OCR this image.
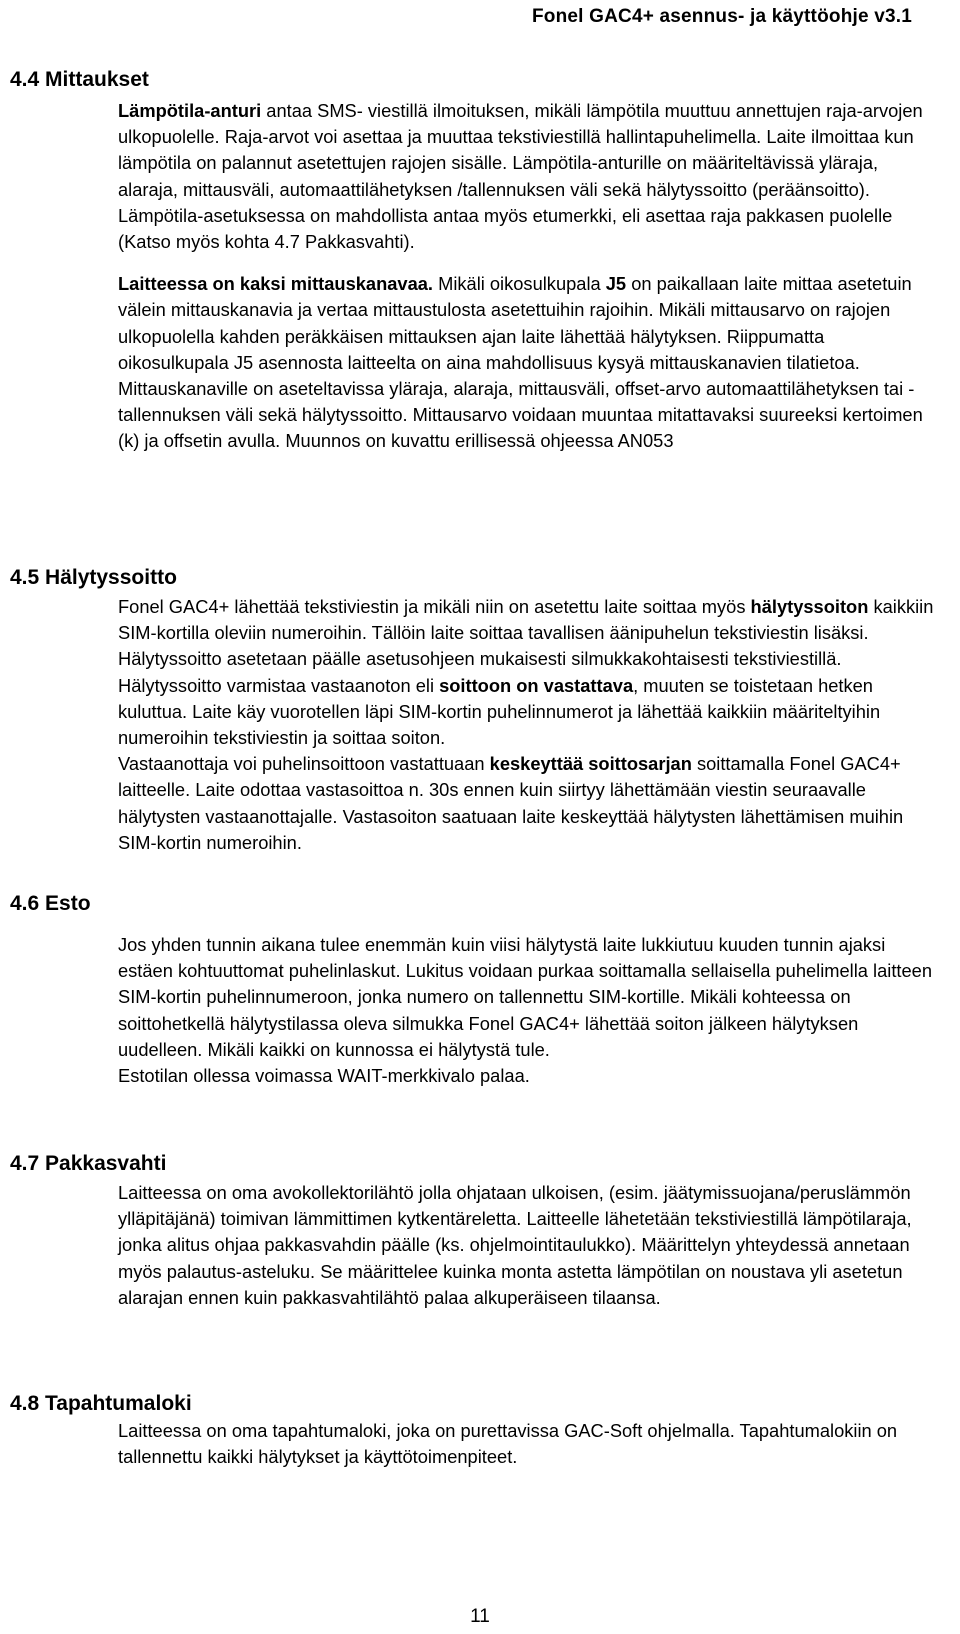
Fonel GAC4+ asennus- ja käyttöohje v3.1
4.4 Mittaukset

Lämpötila-anturi antaa SMS- viestillä ilmoituksen, mikäli lämpötila muuttuu annettujen raja-arvojen ulkopuolelle. Raja-arvot voi asettaa ja muuttaa tekstiviestillä hallintapuhelimella. Laite ilmoittaa kun lämpötila on palannut asetettujen rajojen sisälle. Lämpötila-anturille on määriteltävissä yläraja, alaraja, mittausväli, automaattilähetyksen /tallennuksen väli sekä hälytyssoitto (peräänsoitto). Lämpötila-asetuksessa on mahdollista antaa myös etumerkki, eli asettaa raja pakkasen puolelle (Katso myös kohta 4.7 Pakkasvahti).

Laitteessa on kaksi mittauskanavaa. Mikäli oikosulkupala J5 on paikallaan laite mittaa asetetuin välein mittauskanavia ja vertaa mittaustulosta asetettuihin rajoihin. Mikäli mittausarvo on rajojen ulkopuolella kahden peräkkäisen mittauksen ajan laite lähettää hälytyksen. Riippumatta oikosulkupala J5 asennosta laitteelta on aina mahdollisuus kysyä mittauskanavien tilatietoa. Mittauskanaville on aseteltavissa yläraja, alaraja, mittausväli, offset-arvo automaattilähetyksen tai -tallennuksen väli sekä hälytyssoitto. Mittausarvo voidaan muuntaa mitattavaksi suureeksi kertoimen (k) ja offsetin avulla. Muunnos on kuvattu erillisessä ohjeessa AN053

4.5 Hälytyssoitto

Fonel GAC4+ lähettää tekstiviestin ja mikäli niin on asetettu laite soittaa myös hälytyssoiton kaikkiin SIM-kortilla oleviin numeroihin. Tällöin laite soittaa tavallisen äänipuhelun tekstiviestin lisäksi. Hälytyssoitto asetetaan päälle asetusohjeen mukaisesti silmukkakohtaisesti tekstiviestillä. Hälytyssoitto varmistaa vastaanoton eli soittoon on vastattava, muuten se toistetaan hetken kuluttua. Laite käy vuorotellen läpi SIM-kortin puhelinnumerot ja lähettää kaikkiin määriteltyihin numeroihin tekstiviestin ja soittaa soiton.

Vastaanottaja voi puhelinsoittoon vastattuaan keskeyttää soittosarjan soittamalla Fonel GAC4+ laitteelle. Laite odottaa vastasoittoa n. 30s ennen kuin siirtyy lähettämään viestin seuraavalle hälytysten vastaanottajalle. Vastasoiton saatuaan laite keskeyttää hälytysten lähettämisen muihin SIM-kortin numeroihin.

4.6 Esto

Jos yhden tunnin aikana tulee enemmän kuin viisi hälytystä laite lukkiutuu kuuden tunnin ajaksi estäen kohtuuttomat puhelinlaskut. Lukitus voidaan purkaa soittamalla sellaisella puhelimella laitteen SIM-kortin puhelinnumeroon, jonka numero on tallennettu SIM-kortille. Mikäli kohteessa on soittohetkellä hälytystilassa oleva silmukka Fonel GAC4+ lähettää soiton jälkeen hälytyksen uudelleen. Mikäli kaikki on kunnossa ei hälytystä tule.

Estotilan ollessa voimassa WAIT-merkkivalo palaa.

4.7 Pakkasvahti

Laitteessa on oma avokollektorilähtö jolla ohjataan ulkoisen, (esim. jäätymissuojana/peruslämmön ylläpitäjänä) toimivan lämmittimen kytkentäreletta. Laitteelle lähetetään tekstiviestillä lämpötilaraja, jonka alitus ohjaa pakkasvahdin päälle (ks. ohjelmointitaulukko). Määrittelyn yhteydessä annetaan myös palautus-asteluku. Se määrittelee kuinka monta astetta lämpötilan on noustava yli asetetun alarajan ennen kuin pakkasvahtilähtö palaa alkuperäiseen tilaansa.

4.8 Tapahtumaloki

Laitteessa on oma tapahtumaloki, joka on purettavissa GAC-Soft ohjelmalla. Tapahtumalokiin on tallennettu kaikki hälytykset ja käyttötoimenpiteet.

11
